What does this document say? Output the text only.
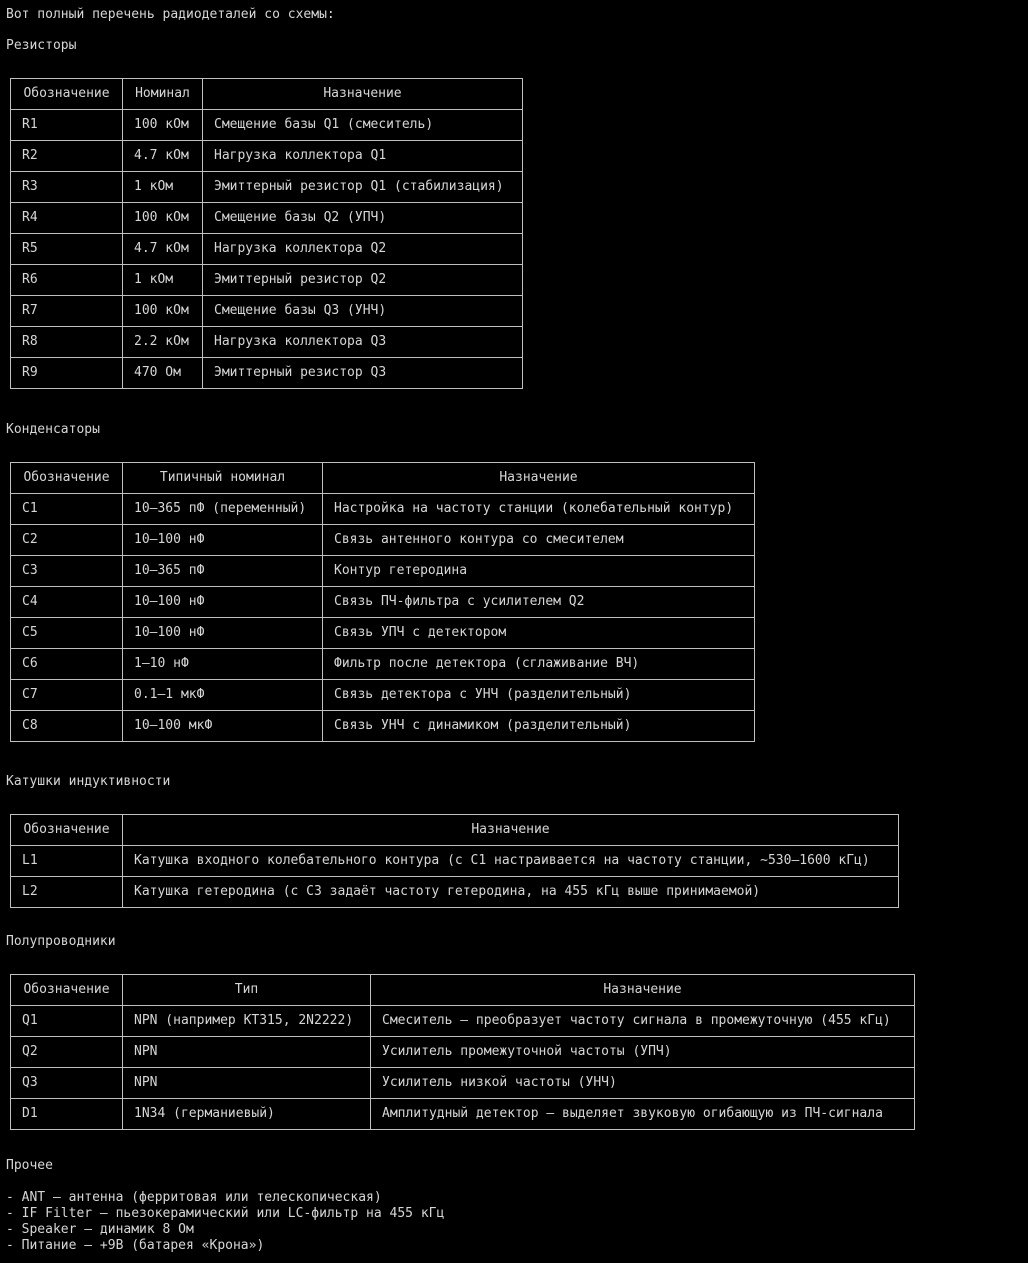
Вот полный перечень радиодеталей со схемы:
Резисторы
Обозначение	Номинал	Назначение
R1	100 кОм	Смещение базы Q1 (смеситель)
R2	4.7 кОм	Нагрузка коллектора Q1
R3	1 кОм	Эмиттерный резистор Q1 (стабилизация)
R4	100 кОм	Смещение базы Q2 (УПЧ)
R5	4.7 кОм	Нагрузка коллектора Q2
R6	1 кОм	Эмиттерный резистор Q2
R7	100 кОм	Смещение базы Q3 (УНЧ)
R8	2.2 кОм	Нагрузка коллектора Q3
R9	470 Ом	Эмиттерный резистор Q3
Конденсаторы
Обозначение	Типичный номинал	Назначение
C1	10–365 пФ (переменный)	Настройка на частоту станции (колебательный контур)
C2	10–100 нФ	Связь антенного контура со смесителем
C3	10–365 пФ	Контур гетеродина
C4	10–100 нФ	Связь ПЧ-фильтра с усилителем Q2
C5	10–100 нФ	Связь УПЧ с детектором
C6	1–10 нФ	Фильтр после детектора (сглаживание ВЧ)
C7	0.1–1 мкФ	Связь детектора с УНЧ (разделительный)
C8	10–100 мкФ	Связь УНЧ с динамиком (разделительный)
Катушки индуктивности
Обозначение	Назначение
L1	Катушка входного колебательного контура (с C1 настраивается на частоту станции, ~530–1600 кГц)
L2	Катушка гетеродина (с C3 задаёт частоту гетеродина, на 455 кГц выше принимаемой)
Полупроводники
Обозначение	Тип	Назначение
Q1	NPN (например КТ315, 2N2222)	Смеситель — преобразует частоту сигнала в промежуточную (455 кГц)
Q2	NPN	Усилитель промежуточной частоты (УПЧ)
Q3	NPN	Усилитель низкой частоты (УНЧ)
D1	1N34 (германиевый)	Амплитудный детектор — выделяет звуковую огибающую из ПЧ-сигнала
Прочее
- ANT — антенна (ферритовая или телескопическая)
- IF Filter — пьезокерамический или LC-фильтр на 455 кГц
- Speaker — динамик 8 Ом
- Питание — +9В (батарея «Крона»)
